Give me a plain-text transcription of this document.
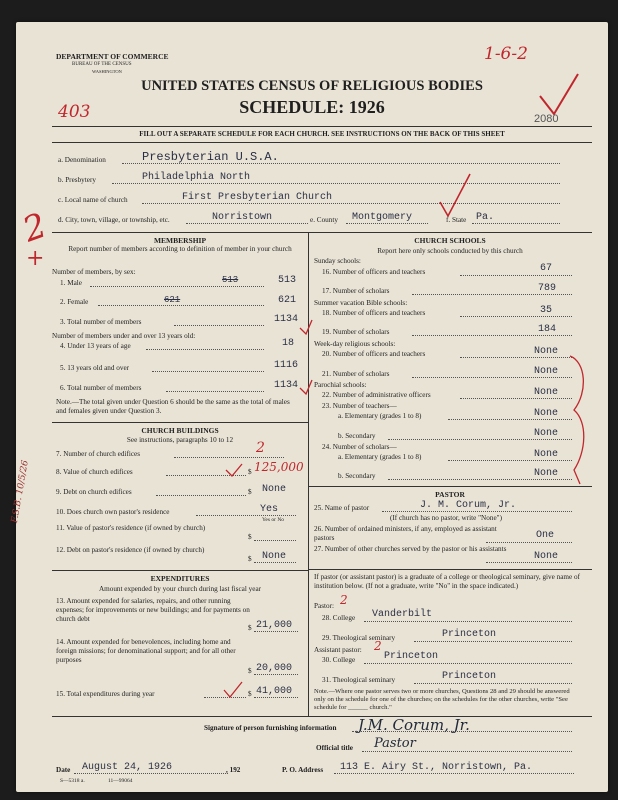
DEPARTMENT OF COMMERCE
BUREAU OF THE CENSUS
WASHINGTON
1-6-2
403
UNITED STATES CENSUS OF RELIGIOUS BODIES
SCHEDULE: 1926
2080
FILL OUT A SEPARATE SCHEDULE FOR EACH CHURCH. SEE INSTRUCTIONS ON THE BACK OF THIS SHEET
a. Denomination	Presbyterian U.S.A.
b. Presbytery	Philadelphia North
c. Local name of church	First Presbyterian Church
d. City, town, village, or township, etc.	Norristown	e. County Montgomery	f. State Pa.
2
+
F.S.B. 10/5/26
MEMBERSHIP
Report number of members according to definition of member in your church
Number of members, by sex:
1. Male	513	513
2. Female	621	621
3. Total number of members	1134
Number of members under and over 13 years old:
4. Under 13 years of age	18
5. 13 years old and over	1116
6. Total number of members	1134
Note.—The total given under Question 6 should be the same as the total of males and females given under Question 3.
CHURCH BUILDINGS
See instructions, paragraphs 10 to 12
7. Number of church edifices	2
8. Value of church edifices	$ 125,000
9. Debt on church edifices	$ None
10. Does church own pastor's residence	Yes
Yes or No
11. Value of pastor's residence (if owned by church)
$
12. Debt on pastor's residence (if owned by church)
$ None
EXPENDITURES
Amount expended by your church during last fiscal year
13. Amount expended for salaries, repairs, and other running expenses; for improvements or new buildings; and for payments on church debt
$ 21,000
14. Amount expended for benevolences, including home and foreign missions; for denominational support; and for all other purposes
$ 20,000
15. Total expenditures during year	$ 41,000
CHURCH SCHOOLS
Report here only schools conducted by this church
Sunday schools:
16. Number of officers and teachers	67
17. Number of scholars	789
Summer vacation Bible schools:
18. Number of officers and teachers	35
19. Number of scholars	184
Week-day religious schools:
20. Number of officers and teachers	None
21. Number of scholars	None
Parochial schools:
22. Number of administrative officers	None
23. Number of teachers—
a. Elementary (grades 1 to 8)	None
b. Secondary	None
24. Number of scholars—
a. Elementary (grades 1 to 8)	None
b. Secondary	None
PASTOR
25. Name of pastor	J. M. Corum, Jr.
(If church has no pastor, write "None")
26. Number of ordained ministers, if any, employed as assistant pastors	One
27. Number of other churches served by the pastor or his assistants
None
If pastor (or assistant pastor) is a graduate of a college or theological seminary, give name of institution below. (If not a graduate, write "No" in the space indicated.)
Pastor: 2
28. College Vanderbilt
29. Theological seminary	Princeton
Assistant pastor: 2
30. College	Princeton
31. Theological seminary	Princeton
Note.—Where one pastor serves two or more churches, Questions 28 and 29 should be answered only on the schedule for one of the churches; on the schedules for the other churches, write "See schedule for ______ church."
Signature of person furnishing information J.M. Corum, Jr.
Official title Pastor
Date August 24, 1926	, 192
S—5318 a.	11—99064
P. O. Address 113 E. Airy St., Norristown, Pa.
